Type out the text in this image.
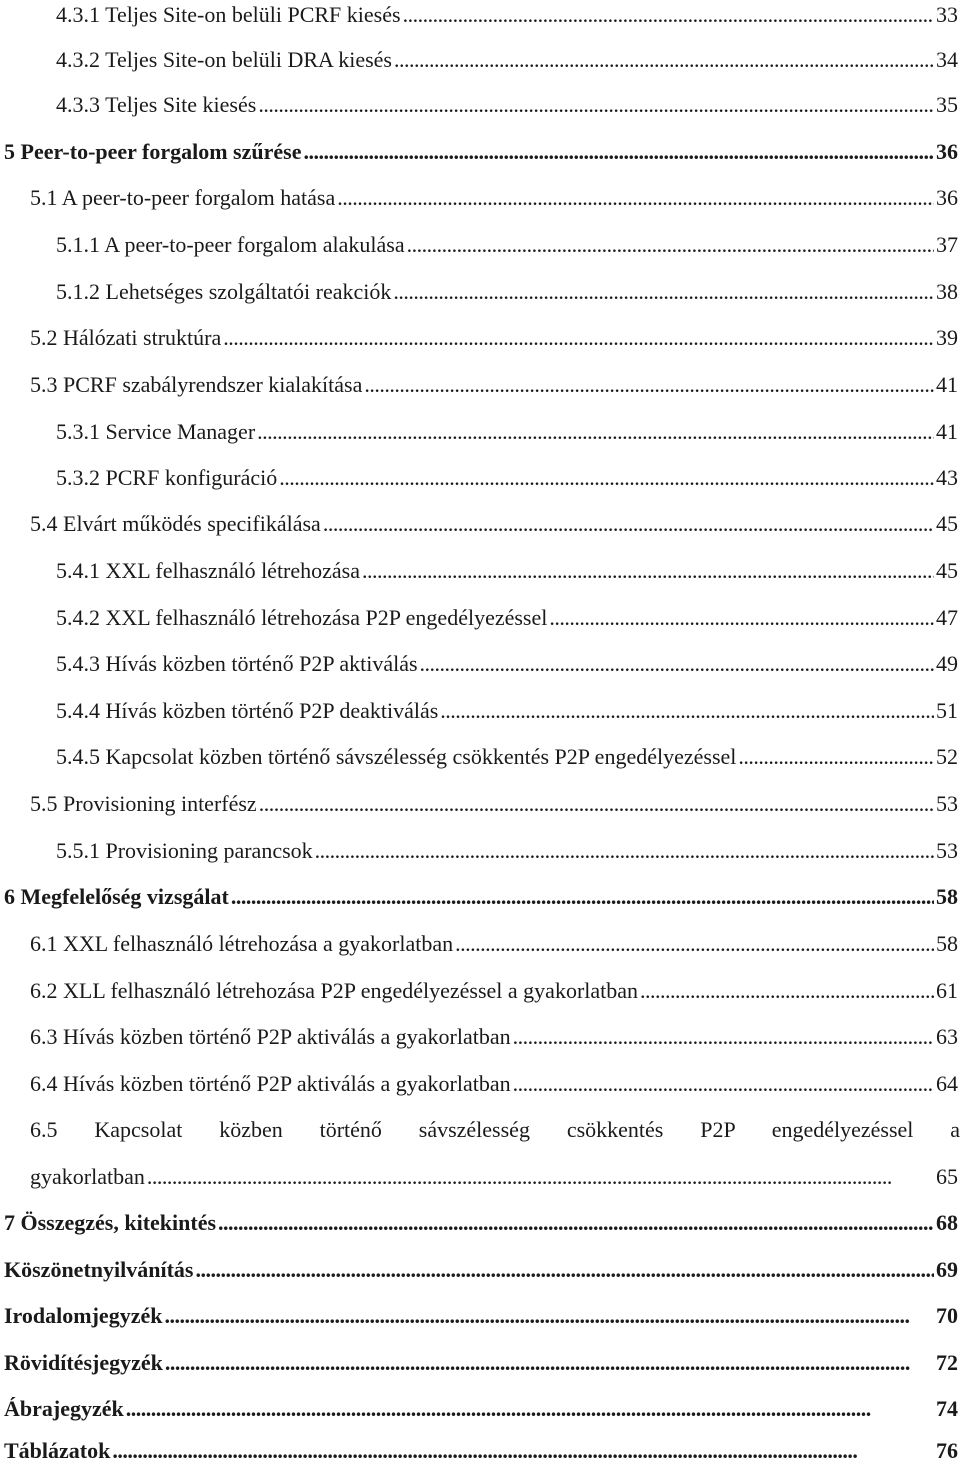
4.3.1 Teljes Site-on belüli PCRF kiesés . . .	33
4.3.2 Teljes Site-on belüli DRA kiesés . . .	34
4.3.3 Teljes Site kiesés . . .	35
5 Peer-to-peer forgalom szűrése . . .	36
5.1 A peer-to-peer forgalom hatása . . .	36
5.1.1 A peer-to-peer forgalom alakulása . . .	37
5.1.2 Lehetséges szolgáltatói reakciók . . .	38
5.2 Hálózati struktúra . . .	39
5.3 PCRF szabályrendszer kialakítása . . .	41
5.3.1 Service Manager . . .	41
5.3.2 PCRF konfiguráció . . .	43
5.4 Elvárt működés specifikálása . . .	45
5.4.1 XXL felhasználó létrehozása . . .	45
5.4.2 XXL felhasználó létrehozása P2P engedélyezéssel . . .	47
5.4.3 Hívás közben történő P2P aktiválás . . .	49
5.4.4 Hívás közben történő P2P deaktiválás . . .	51
5.4.5 Kapcsolat közben történő sávszélesség csökkentés P2P engedélyezéssel . . .	52
5.5 Provisioning interfész . . .	53
5.5.1 Provisioning parancsok . . .	53
6 Megfelelőség vizsgálat . . .	58
6.1 XXL felhasználó létrehozása a gyakorlatban . . .	58
6.2 XLL felhasználó létrehozása P2P engedélyezéssel a gyakorlatban . . .	61
6.3 Hívás közben történő P2P aktiválás a gyakorlatban . . .	63
6.4 Hívás közben történő P2P aktiválás a gyakorlatban . . .	64
6.5 Kapcsolat közben történő sávszélesség csökkentés P2P engedélyezéssel a
gyakorlatban . . .	65
7 Összegzés, kitekintés . . .	68
Köszönetnyilvánítás . . .	69
Irodalomjegyzék . . .	70
Rövidítésjegyzék . . .	72
Ábrajegyzék . . .	74
Táblázatok . . .	76
